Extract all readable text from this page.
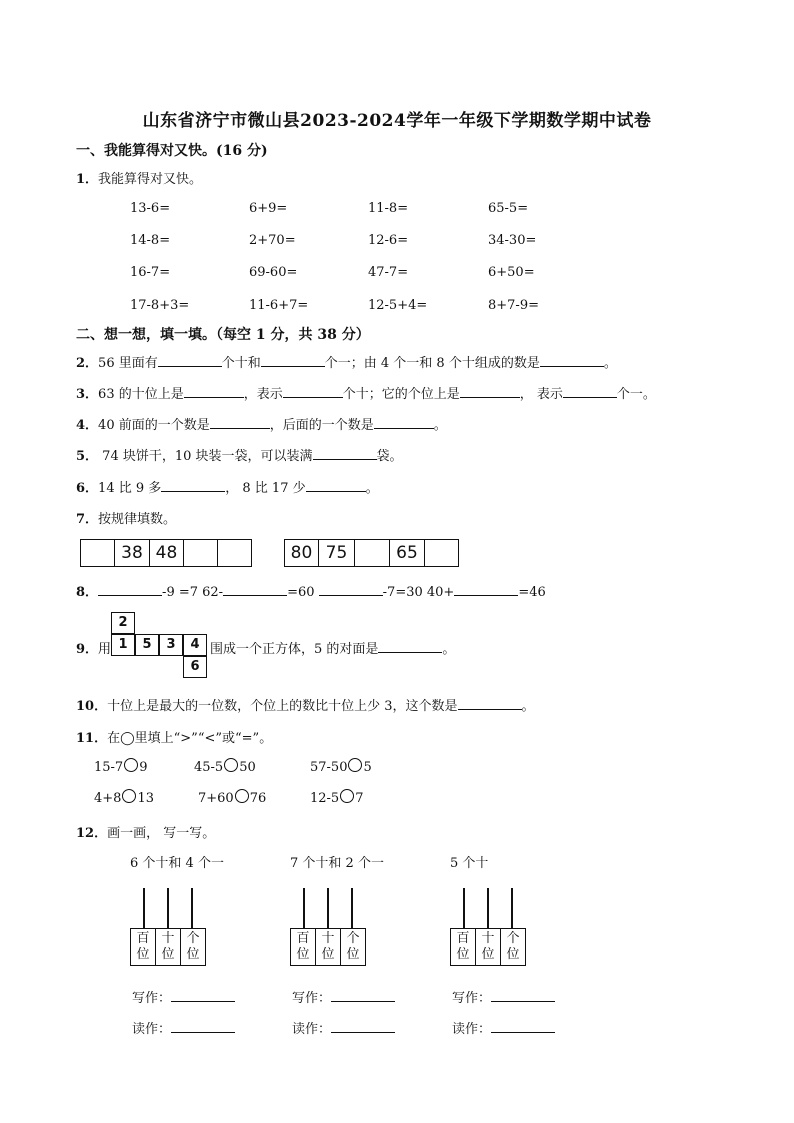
山东省济宁市微山县2023-2024学年一年级下学期数学期中试卷
一、我能算得对又快。(16 分)
1．我能算得对又快。
13-6=	6+9=	11-8=	65-5=
14-8=	2+70=	12-6=	34-30=
16-7=	69-60=	47-7=	6+50=
17-8+3=	11-6+7=	12-5+4=	8+7-9=
二、想一想，填一填。（每空 1 分，共 38 分）
2．56 里面有	个十和	个一；由 4 个一和 8 个十组成的数是	。
3．63 的十位上是	，表示	个十；它的个位上是	， 表示	个一。
4．40 前面的一个数是	，后面的一个数是	。
5． 74 块饼干，10 块装一袋，可以装满	袋。
6．14 比 9 多	， 8 比 17 少	。
7．按规律填数。
38 48	80 75	65
8．	-9 =7 62-	=60	-7=30 40+	=46
9．用
2
1	5	3	4
6
围成一个正方体，5 的对面是	。
10．十位上是最大的一位数，个位上的数比十位上少 3，这个数是	。
11．在◯里填上“>”“<”或“=”。
15-7 9	45-5 50	57-50 5
4+8 13	7+60 76	12-5 7
12．画一画， 写一写。
6 个十和 4 个一
百
位
十
位
个
位
写作：
读作：
7 个十和 2 个一
百
位
十
位
个
位
写作：
读作：
5 个十
百
位
十
位
个
位
写作：
读作：
